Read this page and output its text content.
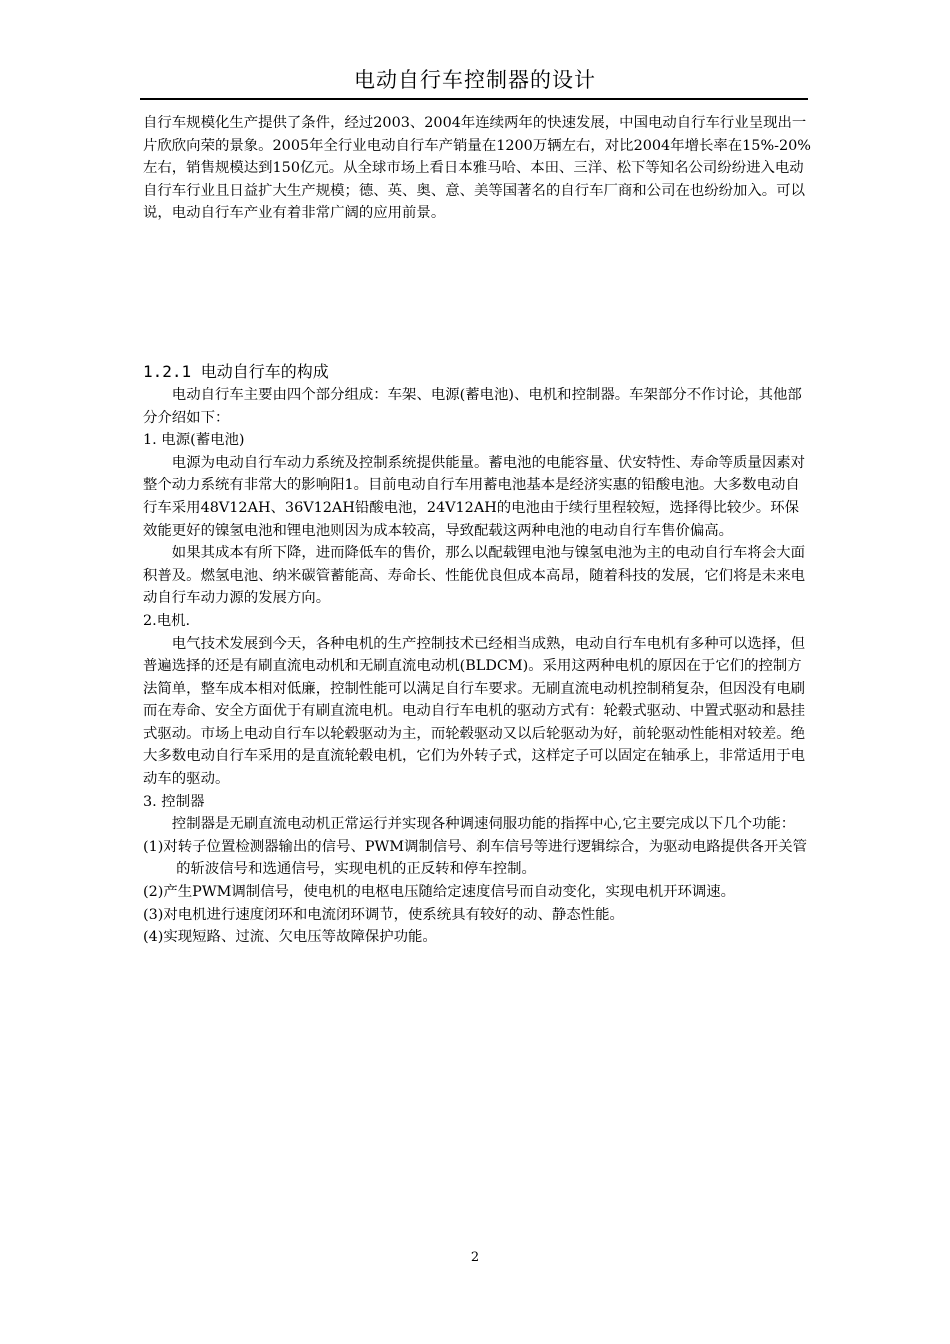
电动自行车控制器的设计

自行车规模化生产提供了条件，经过2003、2004年连续两年的快速发展，中国电动自行车行业呈现出一片欣欣向荣的景象。2005年全行业电动自行车产销量在1200万辆左右，对比2004年增长率在15%-20%左右，销售规模达到150亿元。从全球市场上看日本雅马哈、本田、三洋、松下等知名公司纷纷进入电动自行车行业且日益扩大生产规模；德、英、奥、意、美等国著名的自行车厂商和公司在也纷纷加入。可以说，电动自行车产业有着非常广阔的应用前景。

1.2.1 电动自行车的构成

电动自行车主要由四个部分组成：车架、电源(蓄电池)、电机和控制器。车架部分不作讨论，其他部分介绍如下：

1. 电源(蓄电池)

电源为电动自行车动力系统及控制系统提供能量。蓄电池的电能容量、伏安特性、寿命等质量因素对整个动力系统有非常大的影响阳1。目前电动自行车用蓄电池基本是经济实惠的铅酸电池。大多数电动自行车采用48V12AH、36V12AH铅酸电池，24V12AH的电池由于续行里程较短，选择得比较少。环保效能更好的镍氢电池和锂电池则因为成本较高，导致配载这两种电池的电动自行车售价偏高。

如果其成本有所下降，进而降低车的售价，那么以配载锂电池与镍氢电池为主的电动自行车将会大面积普及。燃氢电池、纳米碳管蓄能高、寿命长、性能优良但成本高昂，随着科技的发展，它们将是未来电动自行车动力源的发展方向。

2.电机.

电气技术发展到今天，各种电机的生产控制技术已经相当成熟，电动自行车电机有多种可以选择，但普遍选择的还是有刷直流电动机和无刷直流电动机(BLDCM)。采用这两种电机的原因在于它们的控制方法简单，整车成本相对低廉，控制性能可以满足自行车要求。无刷直流电动机控制稍复杂，但因没有电刷而在寿命、安全方面优于有刷直流电机。电动自行车电机的驱动方式有：轮毂式驱动、中置式驱动和悬挂式驱动。市场上电动自行车以轮毂驱动为主，而轮毂驱动又以后轮驱动为好，前轮驱动性能相对较差。绝大多数电动自行车采用的是直流轮毂电机，它们为外转子式，这样定子可以固定在轴承上，非常适用于电动车的驱动。

3. 控制器

控制器是无刷直流电动机正常运行并实现各种调速伺服功能的指挥中心,它主要完成以下几个功能：

(1)对转子位置检测器输出的信号、PWM调制信号、刹车信号等进行逻辑综合，为驱动电路提供各开关管的斩波信号和选通信号，实现电机的正反转和停车控制。

(2)产生PWM调制信号，使电机的电枢电压随给定速度信号而自动变化，实现电机开环调速。

(3)对电机进行速度闭环和电流闭环调节，使系统具有较好的动、静态性能。

(4)实现短路、过流、欠电压等故障保护功能。

2
